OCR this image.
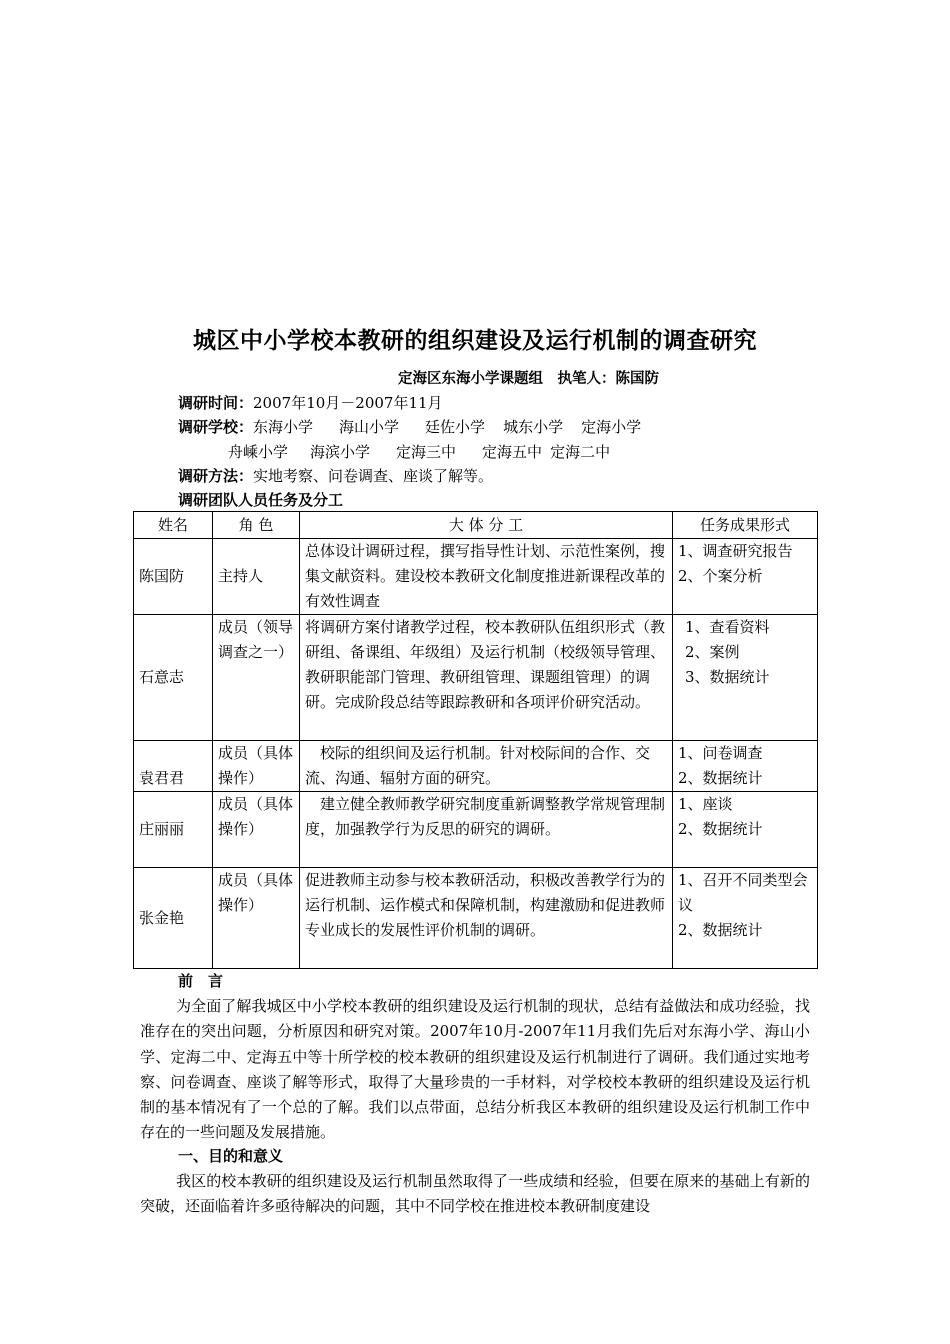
城区中小学校本教研的组织建设及运行机制的调查研究
定海区东海小学课题组　执笔人：陈国防
调研时间：2007年10月－2007年11月
调研学校：东海小学 海山小学 廷佐小学 城东小学 定海小学
舟嵊小学 海滨小学 定海三中 定海五中 定海二中
调研方法：实地考察、问卷调查、座谈了解等。
调研团队人员任务及分工
姓名	角 色	大 体 分 工	任务成果形式
陈国防	主持人	总体设计调研过程，撰写指导性计划、示范性案例，搜集文献资料。建设校本教研文化制度推进新课程改革的有效性调查	1、调查研究报告
2、个案分析

石意志	成员（领导调查之一）	将调研方案付诸教学过程，校本教研队伍组织形式（教研组、备课组、年级组）及运行机制（校级领导管理、教研职能部门管理、教研组管理、课题组管理）的调研。完成阶段总结等跟踪教研和各项评价研究活动。	1、查看资料
2、案例
3、数据统计

袁君君	成员（具体操作）	校际的组织间及运行机制。针对校际间的合作、交流、沟通、辐射方面的研究。	1、问卷调查
2、数据统计

庄丽丽	成员（具体操作）	建立健全教师教学研究制度重新调整教学常规管理制度，加强教学行为反思的研究的调研。	1、座谈
2、数据统计

张金艳	成员（具体操作）	促进教师主动参与校本教研活动，积极改善教学行为的运行机制、运作模式和保障机制，构建激励和促进教师专业成长的发展性评价机制的调研。	1、召开不同类型会议
2、数据统计
前　言

为全面了解我城区中小学校本教研的组织建设及运行机制的现状，总结有益做法和成功经验，找准存在的突出问题，分析原因和研究对策。2007年10月-2007年11月我们先后对东海小学、海山小学、定海二中、定海五中等十所学校的校本教研的组织建设及运行机制进行了调研。我们通过实地考察、问卷调查、座谈了解等形式，取得了大量珍贵的一手材料，对学校校本教研的组织建设及运行机制的基本情况有了一个总的了解。我们以点带面，总结分析我区本教研的组织建设及运行机制工作中存在的一些问题及发展措施。

一、目的和意义

我区的校本教研的组织建设及运行机制虽然取得了一些成绩和经验，但要在原来的基础上有新的突破，还面临着许多亟待解决的问题，其中不同学校在推进校本教研制度建设
